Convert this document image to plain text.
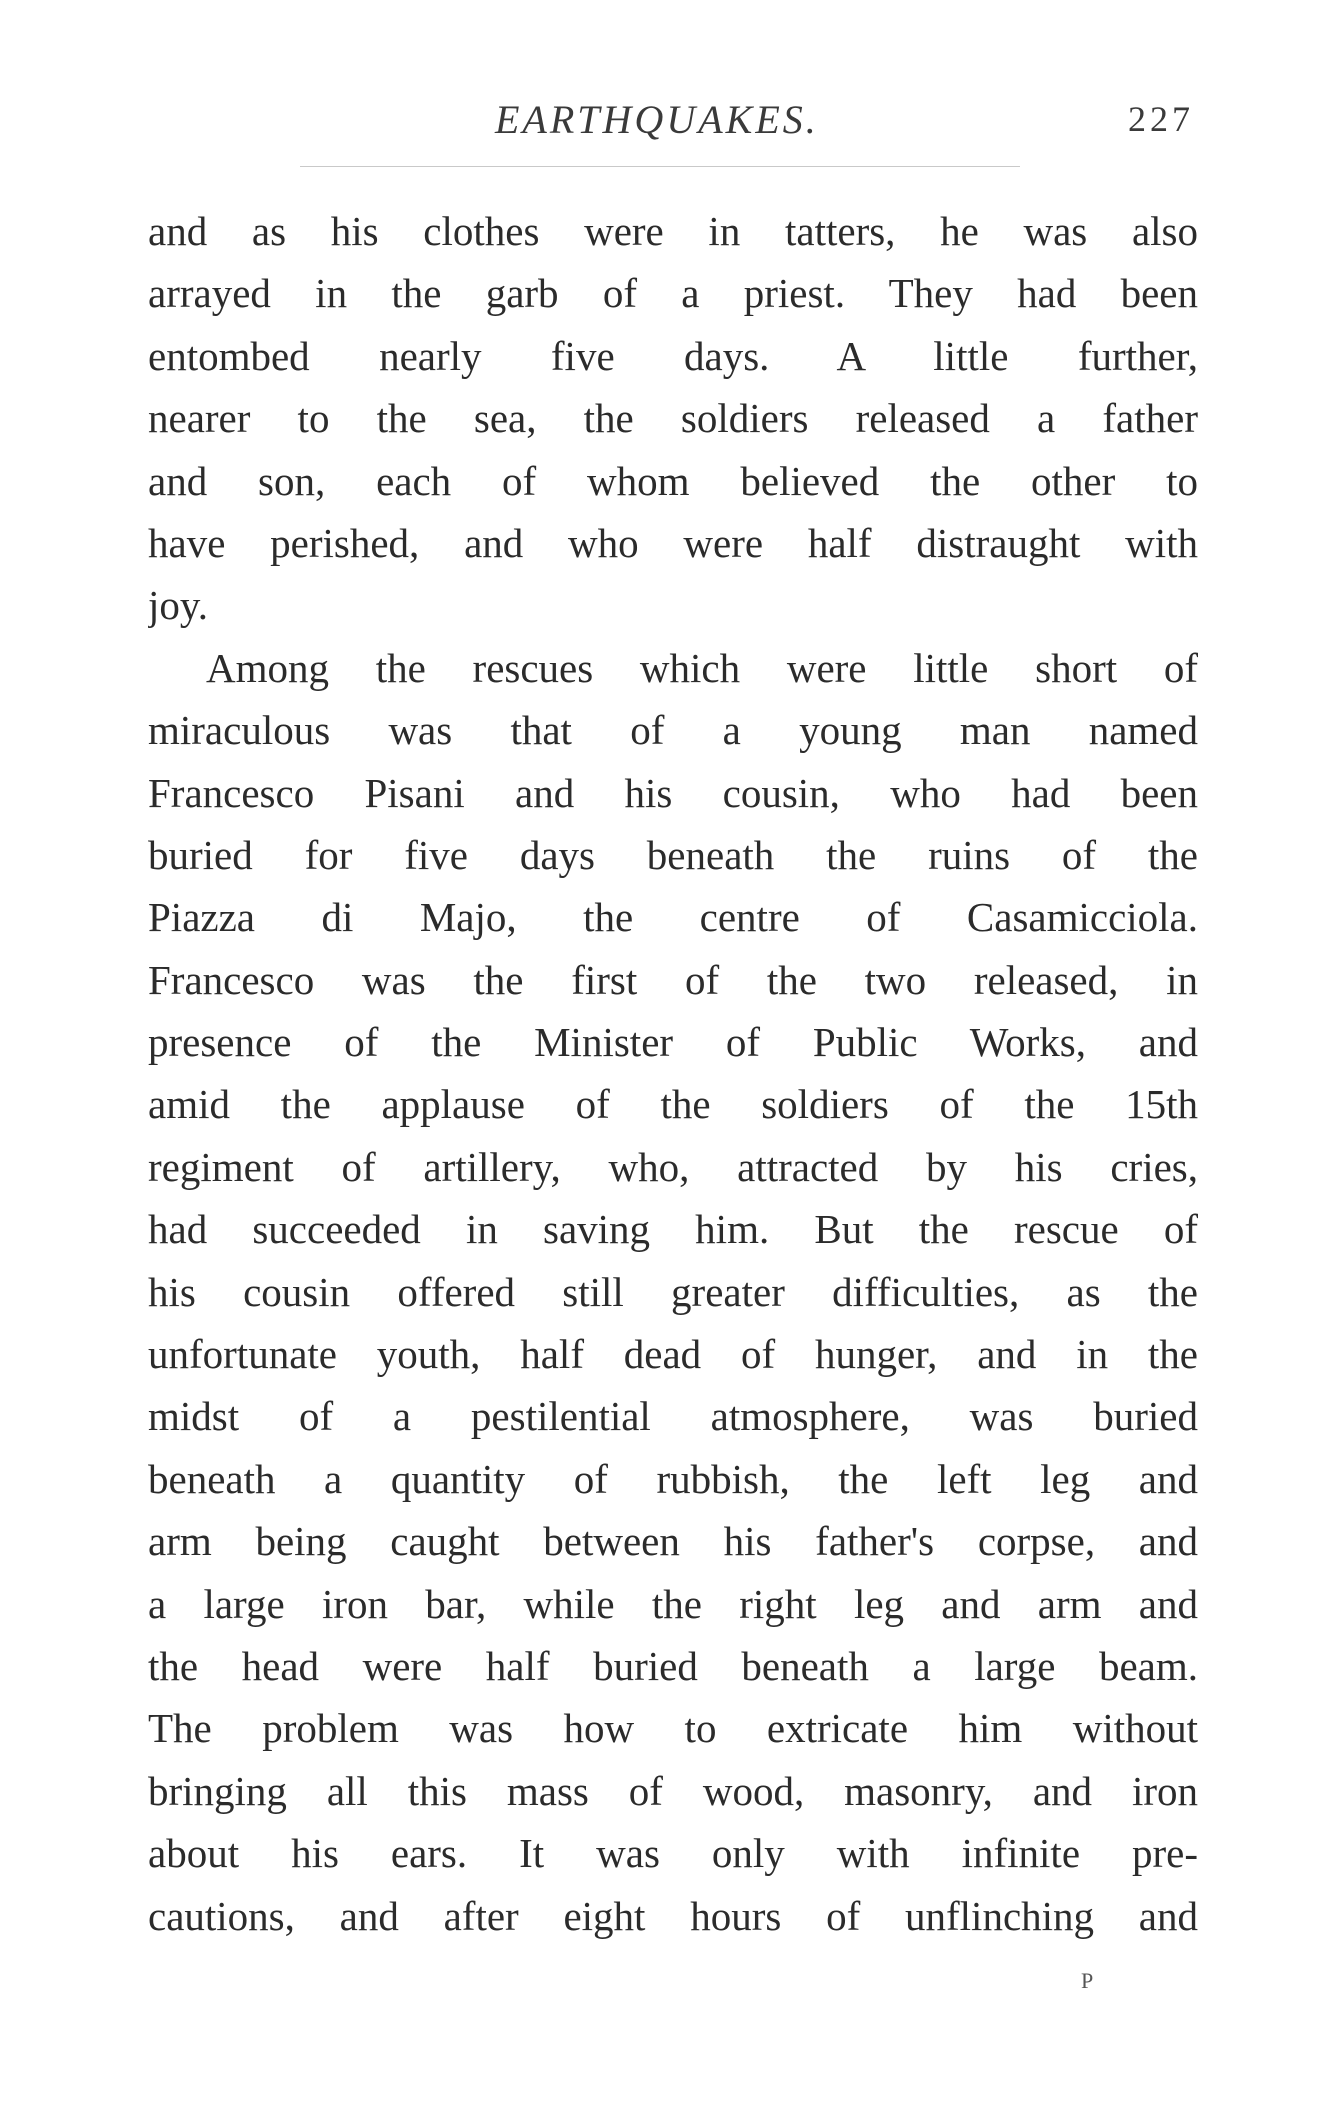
EARTHQUAKES.	227
and as his clothes were in tatters, he was also
arrayed in the garb of a priest. They had been
entombed nearly five days. A little further,
nearer to the sea, the soldiers released a father
and son, each of whom believed the other to
have perished, and who were half distraught with
joy.
Among the rescues which were little short of
miraculous was that of a young man named
Francesco Pisani and his cousin, who had been
buried for five days beneath the ruins of the
Piazza di Majo, the centre of Casamicciola.
Francesco was the first of the two released, in
presence of the Minister of Public Works, and
amid the applause of the soldiers of the 15th
regiment of artillery, who, attracted by his cries,
had succeeded in saving him. But the rescue of
his cousin offered still greater difficulties, as the
unfortunate youth, half dead of hunger, and in the
midst of a pestilential atmosphere, was buried
beneath a quantity of rubbish, the left leg and
arm being caught between his father's corpse, and
a large iron bar, while the right leg and arm and
the head were half buried beneath a large beam.
The problem was how to extricate him without
bringing all this mass of wood, masonry, and iron
about his ears. It was only with infinite pre-
cautions, and after eight hours of unflinching and
P
